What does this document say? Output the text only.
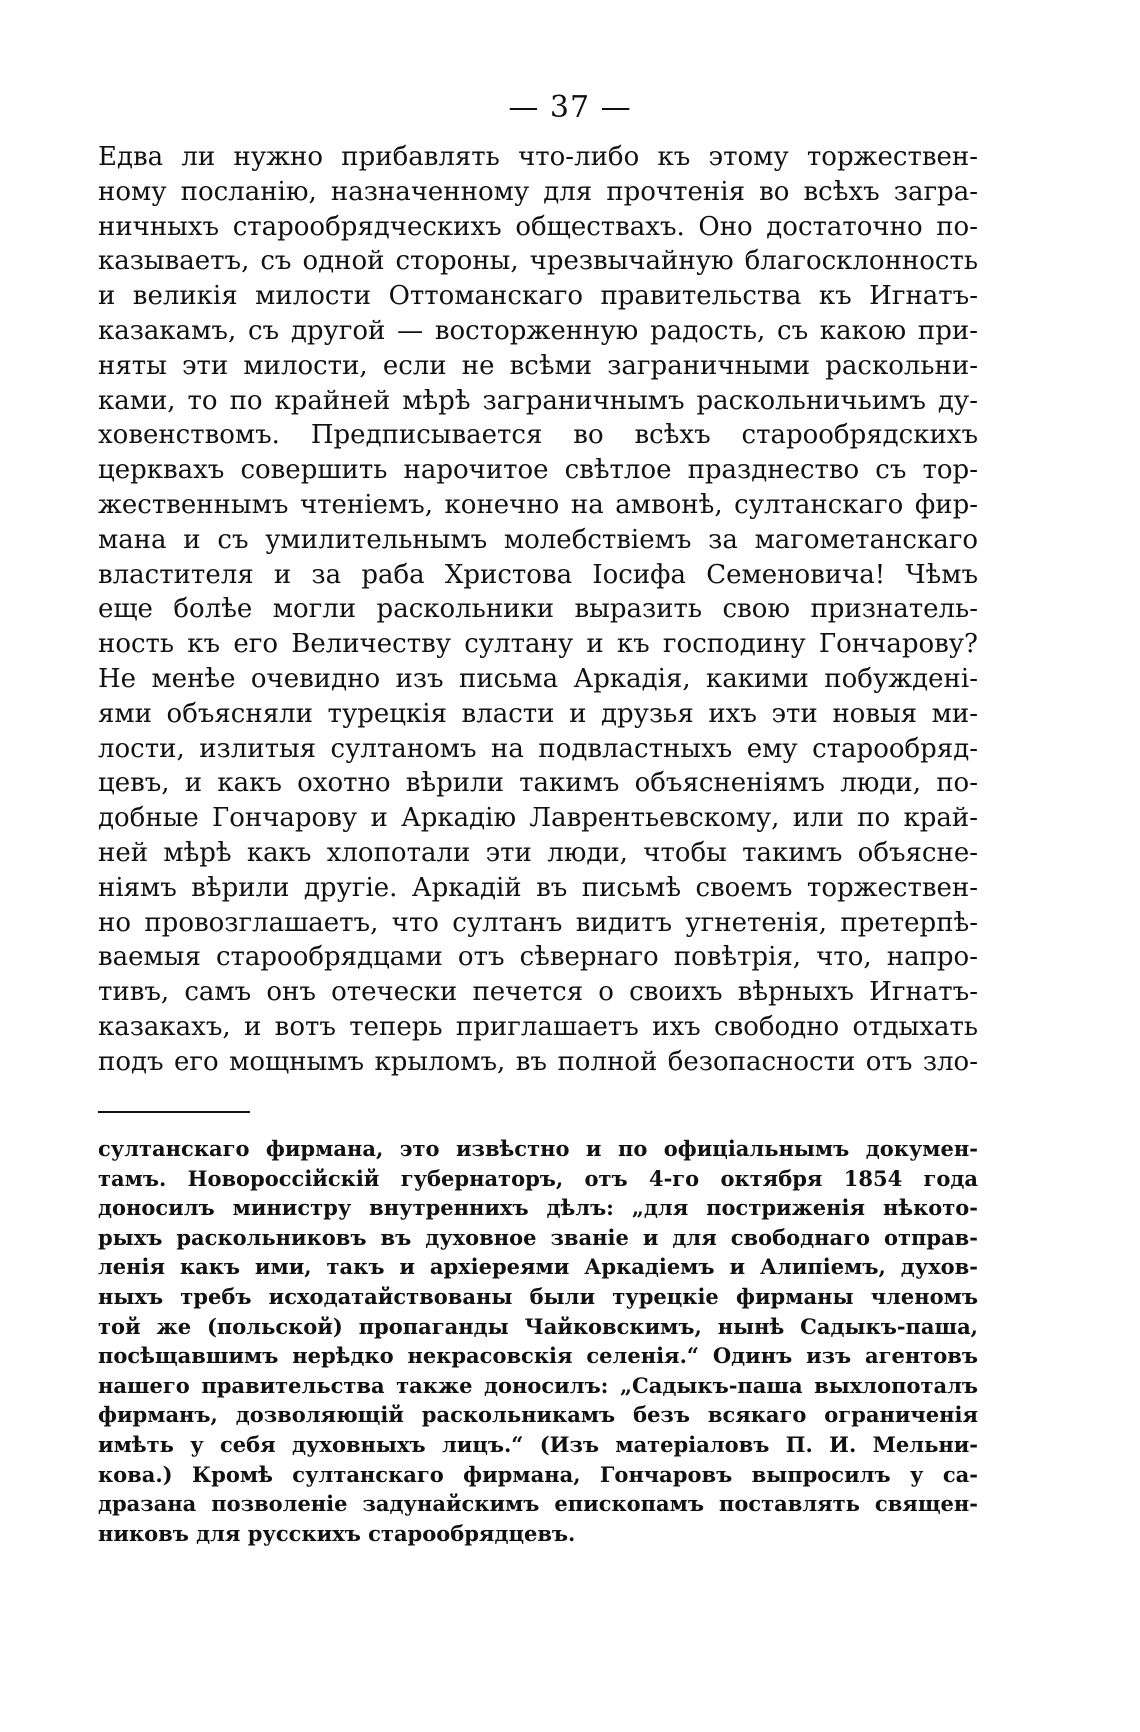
— 37 —
Едва ли нужно прибавлять что-либо къ этому торжествен-
ному посланію, назначенному для прочтенія во всѣхъ загра-
ничныхъ старообрядческихъ обществахъ. Оно достаточно по-
казываетъ, съ одной стороны, чрезвычайную благосклонность
и великія милости Оттоманскаго правительства къ Игнатъ-
казакамъ, съ другой — восторженную радость, съ какою при-
няты эти милости, если не всѣми заграничными раскольни-
ками, то по крайней мѣрѣ заграничнымъ раскольничьимъ ду-
ховенствомъ. Предписывается во всѣхъ старообрядскихъ
церквахъ совершить нарочитое свѣтлое празднество съ тор-
жественнымъ чтеніемъ, конечно на амвонѣ, султанскаго фир-
мана и съ умилительнымъ молебствіемъ за магометанскаго
властителя и за раба Христова Іосифа Семеновича! Чѣмъ
еще болѣе могли раскольники выразить свою признатель-
ность къ его Величеству султану и къ господину Гончарову?
Не менѣе очевидно изъ письма Аркадія, какими побужденi-
ями объясняли турецкія власти и друзья ихъ эти новыя ми-
лости, излитыя султаномъ на подвластныхъ ему старообряд-
цевъ, и какъ охотно вѣрили такимъ объясненіямъ люди, по-
добные Гончарову и Аркадію Лаврентьевскому, или по край-
ней мѣрѣ какъ хлопотали эти люди, чтобы такимъ объясне-
ніямъ вѣрили другіе. Аркадій въ письмѣ своемъ торжествен-
но провозглашаетъ, что султанъ видитъ угнетенія, претерпѣ-
ваемыя старообрядцами отъ сѣвернаго повѣтрія, что, напро-
тивъ, самъ онъ отечески печется о своихъ вѣрныхъ Игнатъ-
казакахъ, и вотъ теперь приглашаетъ ихъ свободно отдыхать
подъ его мощнымъ крыломъ, въ полной безопасности отъ зло-
султанскаго фирмана, это извѣстно и по офиціальнымъ докумен-
тамъ. Новороссійскій губернаторъ, отъ 4-го октября 1854 года
доносилъ министру внутреннихъ дѣлъ: „для постриженія нѣкото-
рыхъ раскольниковъ въ духовное званіе и для свободнаго отправ-
ленія какъ ими, такъ и архіереями Аркадіемъ и Алипіемъ, духов-
ныхъ требъ исходатайствованы были турецкіе фирманы членомъ
той же (польской) пропаганды Чайковскимъ, нынѣ Садыкъ-паша,
посѣщавшимъ нерѣдко некрасовскія селенія.“ Одинъ изъ агентовъ
нашего правительства также доносилъ: „Садыкъ-паша выхлопоталъ
фирманъ, дозволяющій раскольникамъ безъ всякаго ограниченія
имѣть у себя духовныхъ лицъ.“ (Изъ матеріаловъ П. И. Мельни-
кова.) Кромѣ султанскаго фирмана, Гончаровъ выпросилъ у са-
дразана позволеніе задунайскимъ епископамъ поставлять священ-
никовъ для русскихъ старообрядцевъ.
